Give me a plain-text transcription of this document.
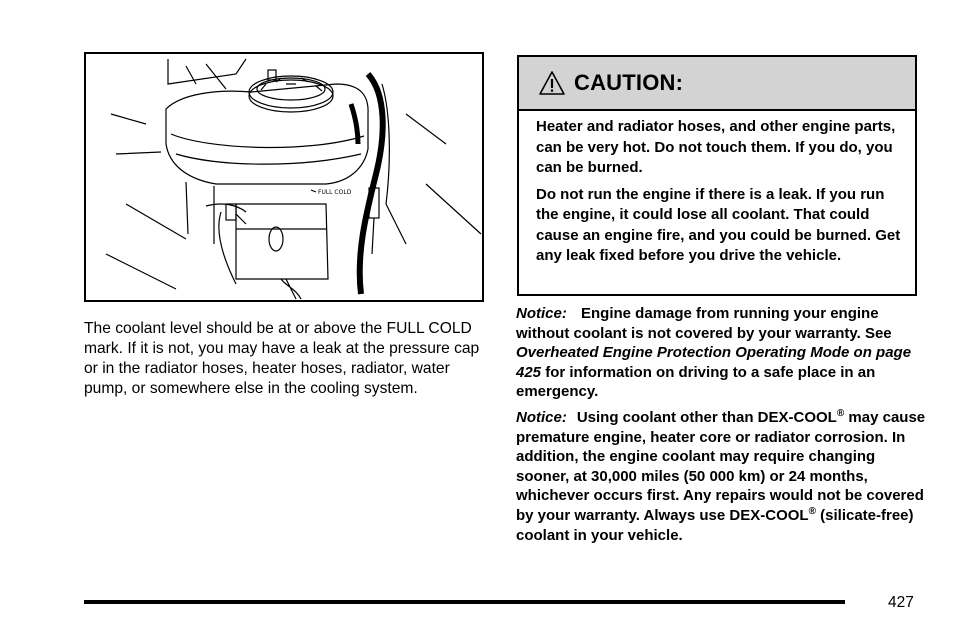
FULL COLD

The coolant level should be at or above the FULL COLD mark. If it is not, you may have a leak at the pressure cap or in the radiator hoses, heater hoses, radiator, water pump, or somewhere else in the cooling system.

CAUTION:

Heater and radiator hoses, and other engine parts, can be very hot. Do not touch them. If you do, you can be burned.

Do not run the engine if there is a leak. If you run the engine, it could lose all coolant. That could cause an engine fire, and you could be burned. Get any leak fixed before you drive the vehicle.

Notice: Engine damage from running your engine without coolant is not covered by your warranty. See Overheated Engine Protection Operating Mode on page 425 for information on driving to a safe place in an emergency.

Notice: Using coolant other than DEX-COOL® may cause premature engine, heater core or radiator corrosion. In addition, the engine coolant may require changing sooner, at 30,000 miles (50 000 km) or 24 months, whichever occurs first. Any repairs would not be covered by your warranty. Always use DEX-COOL® (silicate-free) coolant in your vehicle.

427
